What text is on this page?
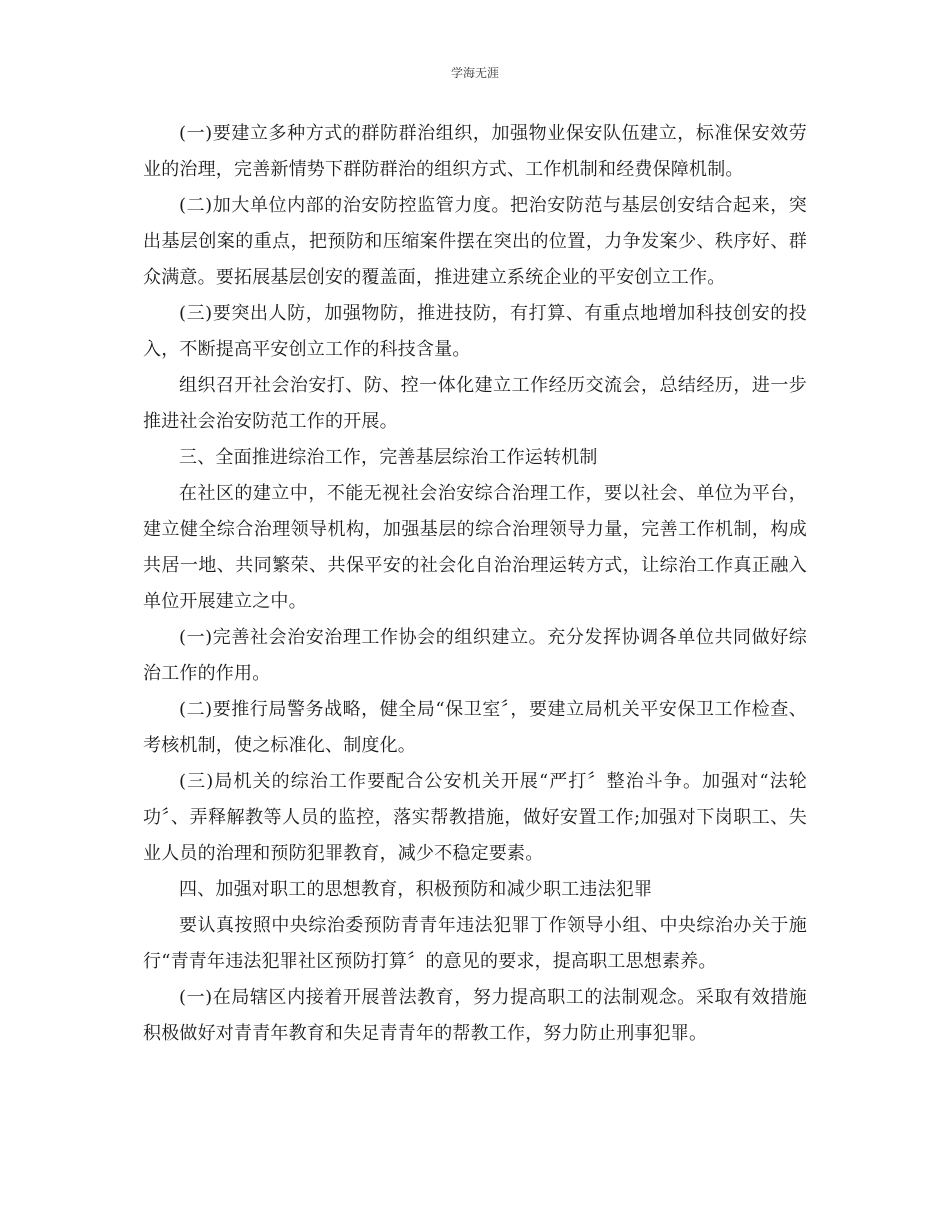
学海无涯

(一)要建立多种方式的群防群治组织，加强物业保安队伍建立，标准保安效劳业的治理，完善新情势下群防群治的组织方式、工作机制和经费保障机制。

(二)加大单位内部的治安防控监管力度。把治安防范与基层创安结合起来，突出基层创案的重点，把预防和压缩案件摆在突出的位置，力争发案少、秩序好、群众满意。要拓展基层创安的覆盖面，推进建立系统企业的平安创立工作。

(三)要突出人防，加强物防，推进技防，有打算、有重点地增加科技创安的投入，不断提高平安创立工作的科技含量。

组织召开社会治安打、防、控一体化建立工作经历交流会，总结经历，进一步推进社会治安防范工作的开展。

三、全面推进综治工作，完善基层综治工作运转机制

在社区的建立中，不能无视社会治安综合治理工作，要以社会、单位为平台，建立健全综合治理领导机构，加强基层的综合治理领导力量，完善工作机制，构成共居一地、共同繁荣、共保平安的社会化自治治理运转方式，让综治工作真正融入单位开展建立之中。

(一)完善社会治安治理工作协会的组织建立。充分发挥协调各单位共同做好综治工作的作用。

(二)要推行局警务战略，健全局“保卫室〞，要建立局机关平安保卫工作检查、考核机制，使之标准化、制度化。

(三)局机关的综治工作要配合公安机关开展“严打〞整治斗争。加强对“法轮功〞、弄释解教等人员的监控，落实帮教措施，做好安置工作;加强对下岗职工、失业人员的治理和预防犯罪教育，减少不稳定要素。

四、加强对职工的思想教育，积极预防和减少职工违法犯罪

要认真按照中央综治委预防青青年违法犯罪丁作领导小组、中央综治办关于施行“青青年违法犯罪社区预防打算〞的意见的要求，提高职工思想素养。

(一)在局辖区内接着开展普法教育，努力提高职工的法制观念。采取有效措施积极做好对青青年教育和失足青青年的帮教工作，努力防止刑事犯罪。
